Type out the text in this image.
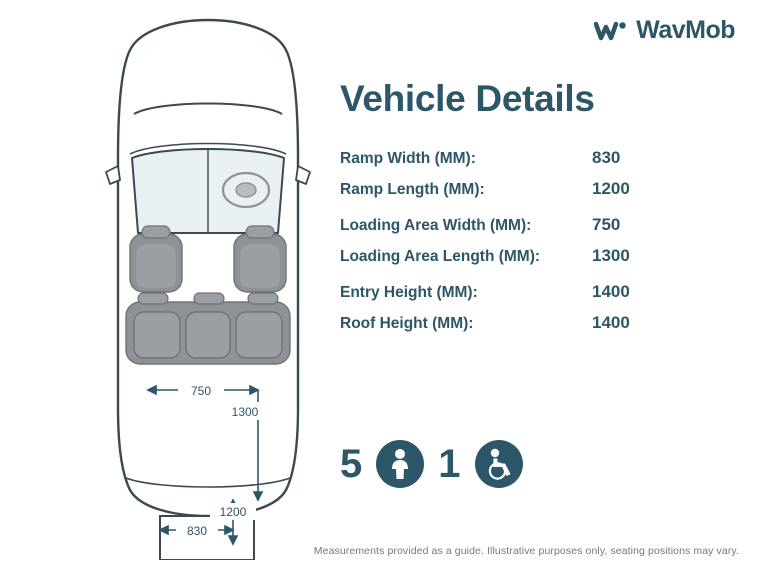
WavMob
750
1300
1200
830
Vehicle Details
Ramp Width (MM):	830
Ramp Length (MM):	1200
Loading Area Width (MM):	750
Loading Area Length (MM):	1300
Entry Height (MM):	1400
Roof Height (MM):	1400
5 1
Measurements provided as a guide. Illustrative purposes only, seating positions may vary.
